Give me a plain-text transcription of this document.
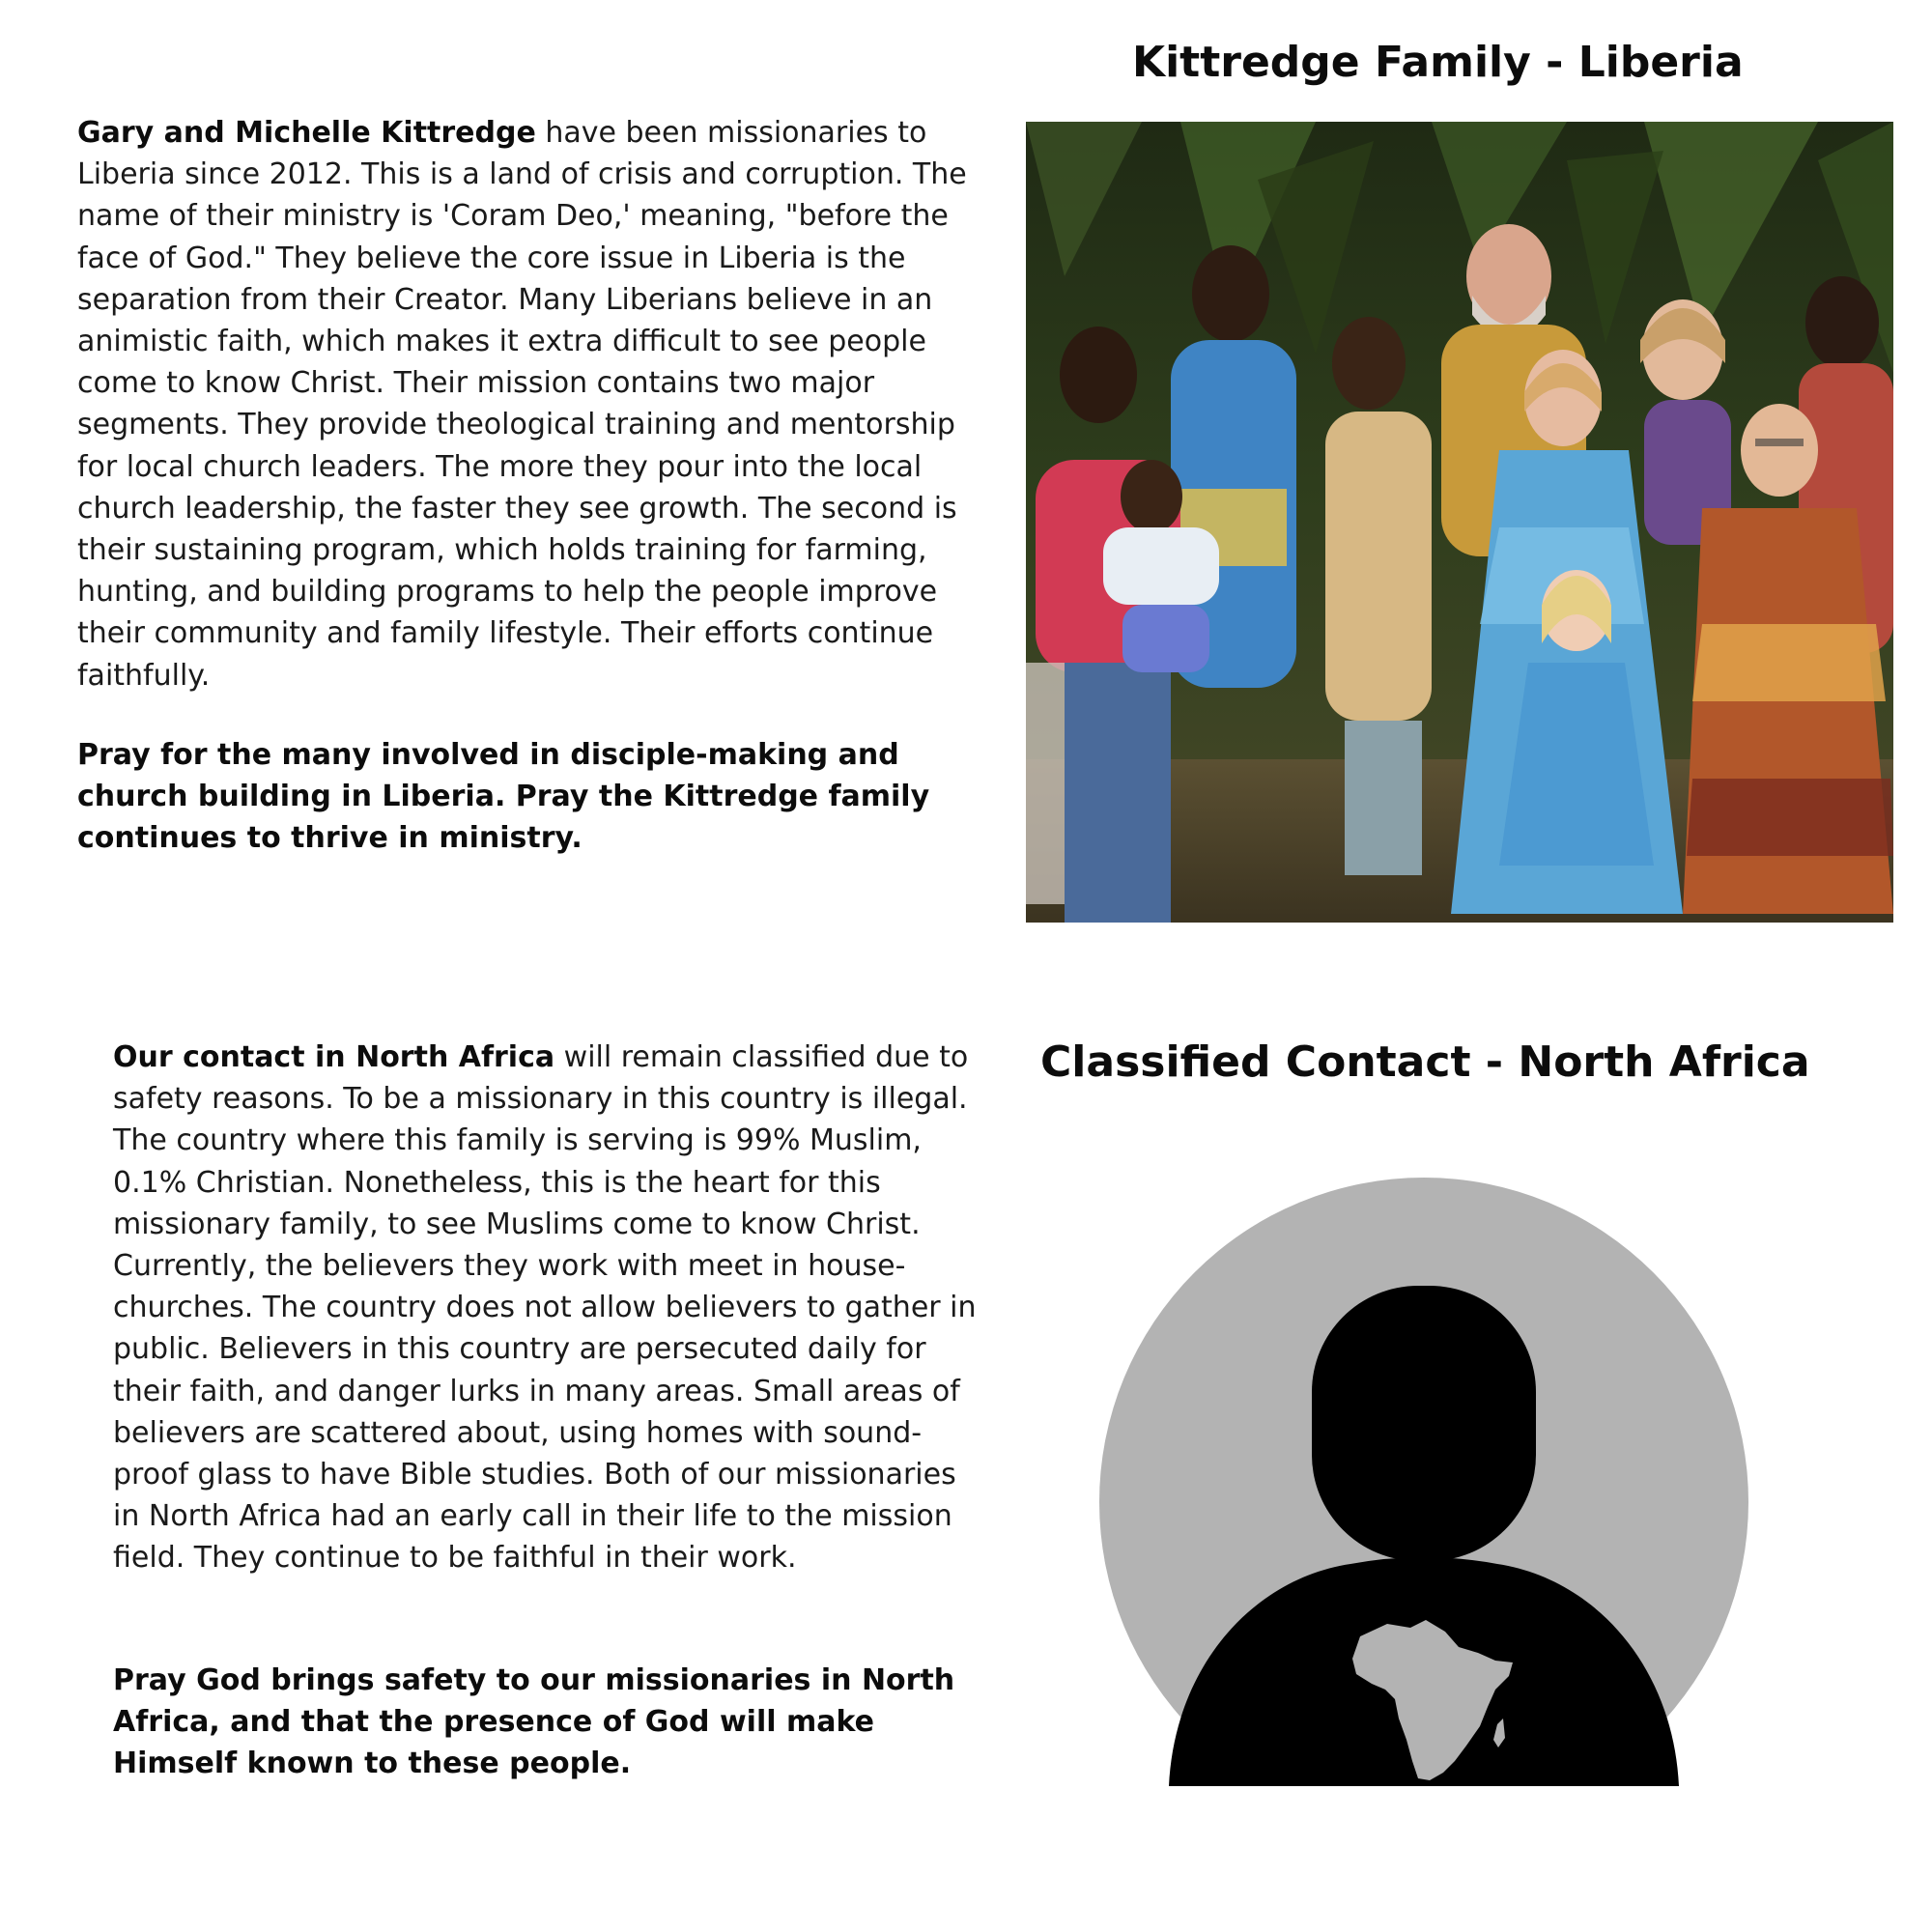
Kittredge Family - Liberia

Gary and Michelle Kittredge have been missionaries to Liberia since 2012. This is a land of crisis and corruption. The name of their ministry is 'Coram Deo,' meaning, "before the face of God." They believe the core issue in Liberia is the separation from their Creator. Many Liberians believe in an animistic faith, which makes it extra difficult to see people come to know Christ. Their mission contains two major segments. They provide theological training and mentorship for local church leaders. The more they pour into the local church leadership, the faster they see growth. The second is their sustaining program, which holds training for farming, hunting, and building programs to help the people improve their community and family lifestyle. Their efforts continue faithfully.

Pray for the many involved in disciple-making and church building in Liberia. Pray the Kittredge family continues to thrive in ministry.

Classified Contact - North Africa

Our contact in North Africa will remain classified due to safety reasons. To be a missionary in this country is illegal. The country where this family is serving is 99% Muslim, 0.1% Christian. Nonetheless, this is the heart for this missionary family, to see Muslims come to know Christ. Currently, the believers they work with meet in house-churches. The country does not allow believers to gather in public. Believers in this country are persecuted daily for their faith, and danger lurks in many areas. Small areas of believers are scattered about, using homes with sound-proof glass to have Bible studies. Both of our missionaries in North Africa had an early call in their life to the mission field. They continue to be faithful in their work.

Pray God brings safety to our missionaries in North Africa, and that the presence of God will make Himself known to these people.
